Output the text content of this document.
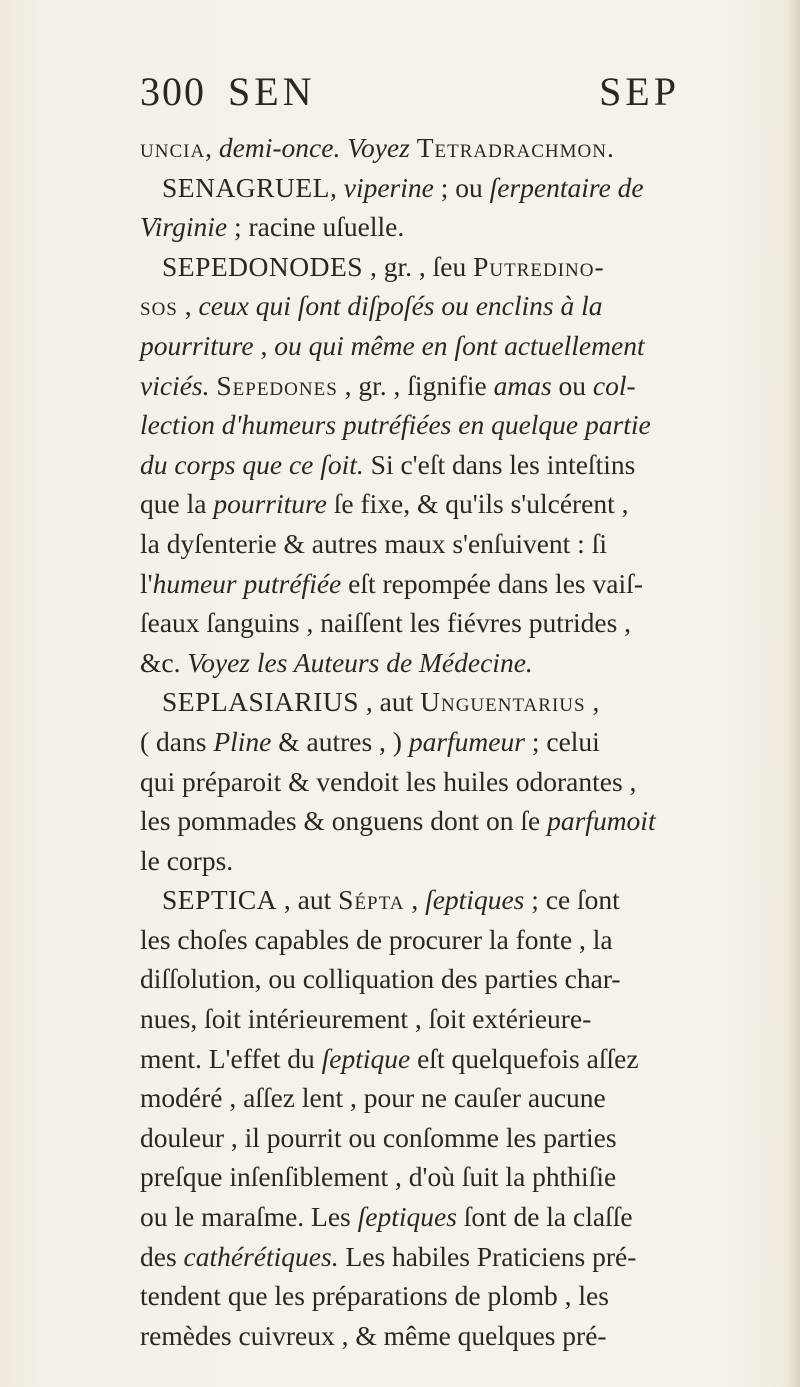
300 SEN	SEP
uncia, demi-once. Voyez Tetradrachmon.
SENAGRUEL, viperine ; ou ſerpentaire de
Virginie ; racine uſuelle.
SEPEDONODES , gr. , ſeu Putredino-
sos , ceux qui ſont diſpoſés ou enclins à la
pourriture , ou qui même en ſont actuellement
viciés. Sepedones , gr. , ſignifie amas ou col-
lection d'humeurs putréfiées en quelque partie
du corps que ce ſoit. Si c'eſt dans les inteſtins
que la pourriture ſe fixe, & qu'ils s'ulcérent ,
la dyſenterie & autres maux s'enſuivent : ſi
l'humeur putréfiée eſt repompée dans les vaiſ-
ſeaux ſanguins , naiſſent les fiévres putrides ,
&c. Voyez les Auteurs de Médecine.
SEPLASIARIUS , aut Unguentarius ,
( dans Pline & autres , ) parfumeur ; celui
qui préparoit & vendoit les huiles odorantes ,
les pommades & onguens dont on ſe parfumoit
le corps.
SEPTICA , aut Sépta , ſeptiques ; ce ſont
les choſes capables de procurer la fonte , la
diſſolution, ou colliquation des parties char-
nues, ſoit intérieurement , ſoit extérieure-
ment. L'effet du ſeptique eſt quelquefois aſſez
modéré , aſſez lent , pour ne cauſer aucune
douleur , il pourrit ou conſomme les parties
preſque inſenſiblement , d'où ſuit la phthiſie
ou le maraſme. Les ſeptiques ſont de la claſſe
des cathérétiques. Les habiles Praticiens pré-
tendent que les préparations de plomb , les
remèdes cuivreux , & même quelques pré-
